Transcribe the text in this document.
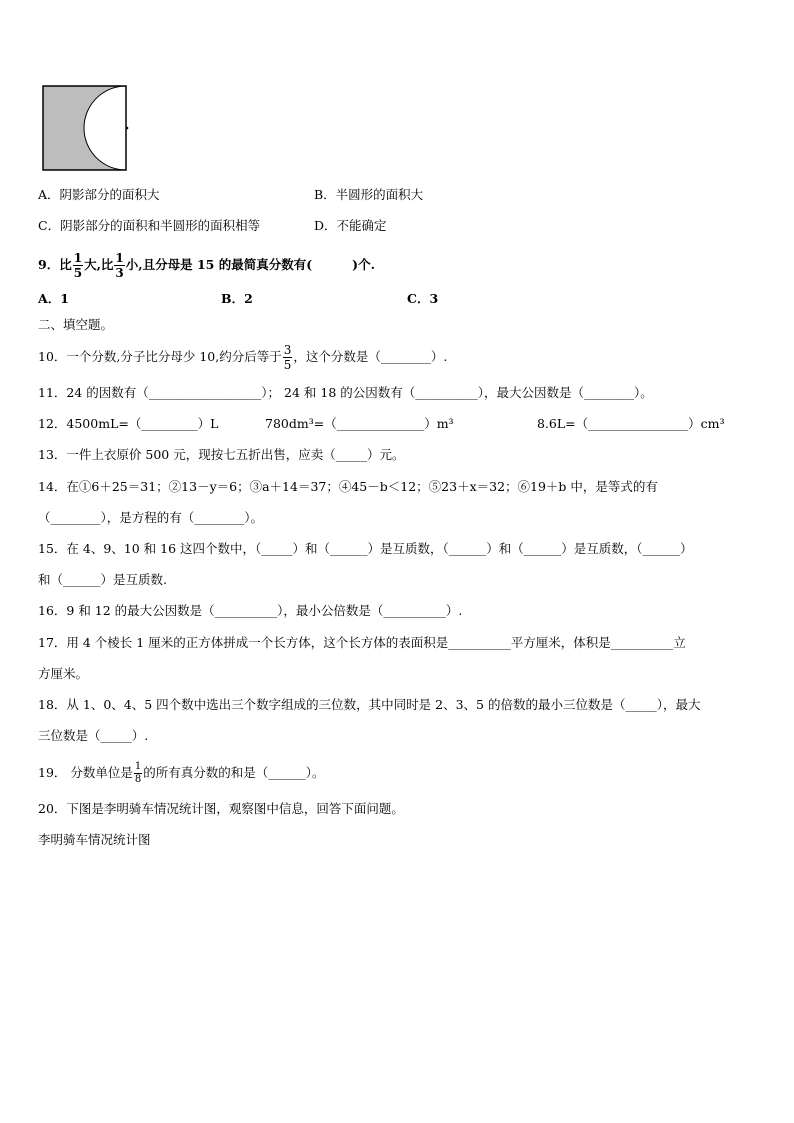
A．阴影部分的面积大	B．半圆形的面积大
C．阴影部分的面积和半圆形的面积相等	D．不能确定
9．比 $\frac{1}{5}$ 大,比 $\frac{1}{3}$ 小,且分母是 15 的最简真分数有(	)个.
A．1	B．2	C．3
二、填空题。
10．一个分数,分子比分母少 10,约分后等于 $\frac{3}{5}$ ，这个分数是（________）.
11．24 的因数有（__________________）； 24 和 18 的公因数有（__________），最大公因数是（________）。
12．4500mL=（_________）L	780dm³=（______________）m³	8.6L=（________________）cm³
13．一件上衣原价 500 元，现按七五折出售，应卖（_____）元。
14．在①6＋25＝31；②13－y＝6；③a＋14＝37；④45－b＜12；⑤23＋x＝32；⑥19＋b 中，是等式的有
（________），是方程的有（________）。
15．在 4、9、10 和 16 这四个数中，（_____）和（______）是互质数，（______）和（______）是互质数，（______）
和（______）是互质数.
16．9 和 12 的最大公因数是（__________），最小公倍数是（__________）.
17．用 4 个棱长 1 厘米的正方体拼成一个长方体，这个长方体的表面积是__________平方厘米，体积是__________立
方厘米。
18．从 1、0、4、5 四个数中选出三个数字组成的三位数，其中同时是 2、3、5 的倍数的最小三位数是（_____），最大
三位数是（_____）.
19． 分数单位是 $\frac{1}{8}$ 的所有真分数的和是（______）。
20．下图是李明骑车情况统计图，观察图中信息，回答下面问题。
李明骑车情况统计图
